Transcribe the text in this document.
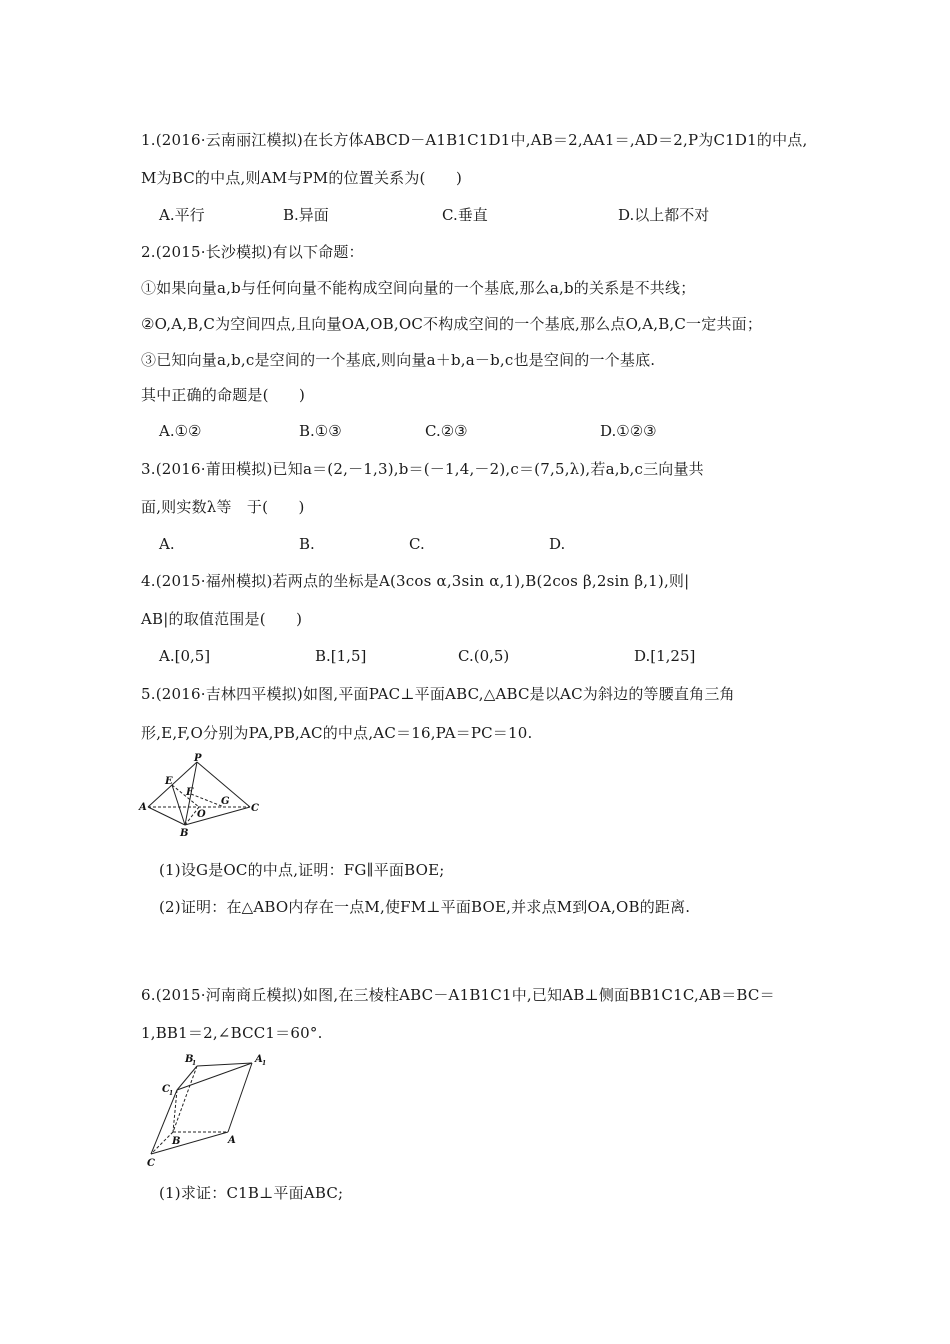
1.(2016·云南丽江模拟)在长方体ABCD－A1B1C1D1中,AB＝2,AA1＝,AD＝2,P为C1D1的中点,
M为BC的中点,则AM与PM的位置关系为(　　)
A.平行	B.异面	C.垂直	D.以上都不对
2.(2015·长沙模拟)有以下命题：
①如果向量a,b与任何向量不能构成空间向量的一个基底,那么a,b的关系是不共线；
②O,A,B,C为空间四点,且向量OA,OB,OC不构成空间的一个基底,那么点O,A,B,C一定共面；
③已知向量a,b,c是空间的一个基底,则向量a＋b,a－b,c也是空间的一个基底.
其中正确的命题是(　　)
A.①②	B.①③	C.②③	D.①②③
3.(2016·莆田模拟)已知a＝(2,－1,3),b＝(－1,4,－2),c＝(7,5,λ),若a,b,c三向量共
面,则实数λ等　于(　　)
A.	B.	C.	D.
4.(2015·福州模拟)若两点的坐标是A(3cos α,3sin α,1),B(2cos β,2sin β,1),则|
AB|的取值范围是(　　)
A.[0,5]	B.[1,5]	C.(0,5)	D.[1,25]
5.(2016·吉林四平模拟)如图,平面PAC⊥平面ABC,△ABC是以AC为斜边的等腰直角三角
形,E,F,O分别为PA,PB,AC的中点,AC＝16,PA＝PC＝10.
P
E
F
A
G
C
O
B
(1)设G是OC的中点,证明：FG∥平面BOE;
(2)证明：在△ABO内存在一点M,使FM⊥平面BOE,并求点M到OA,OB的距离.
6.(2015·河南商丘模拟)如图,在三棱柱ABC－A1B1C1中,已知AB⊥侧面BB1C1C,AB＝BC＝
1,BB1＝2,∠BCC1＝60°.
B
1	A 1
C 1
B	A
C
(1)求证：C1B⊥平面ABC;
